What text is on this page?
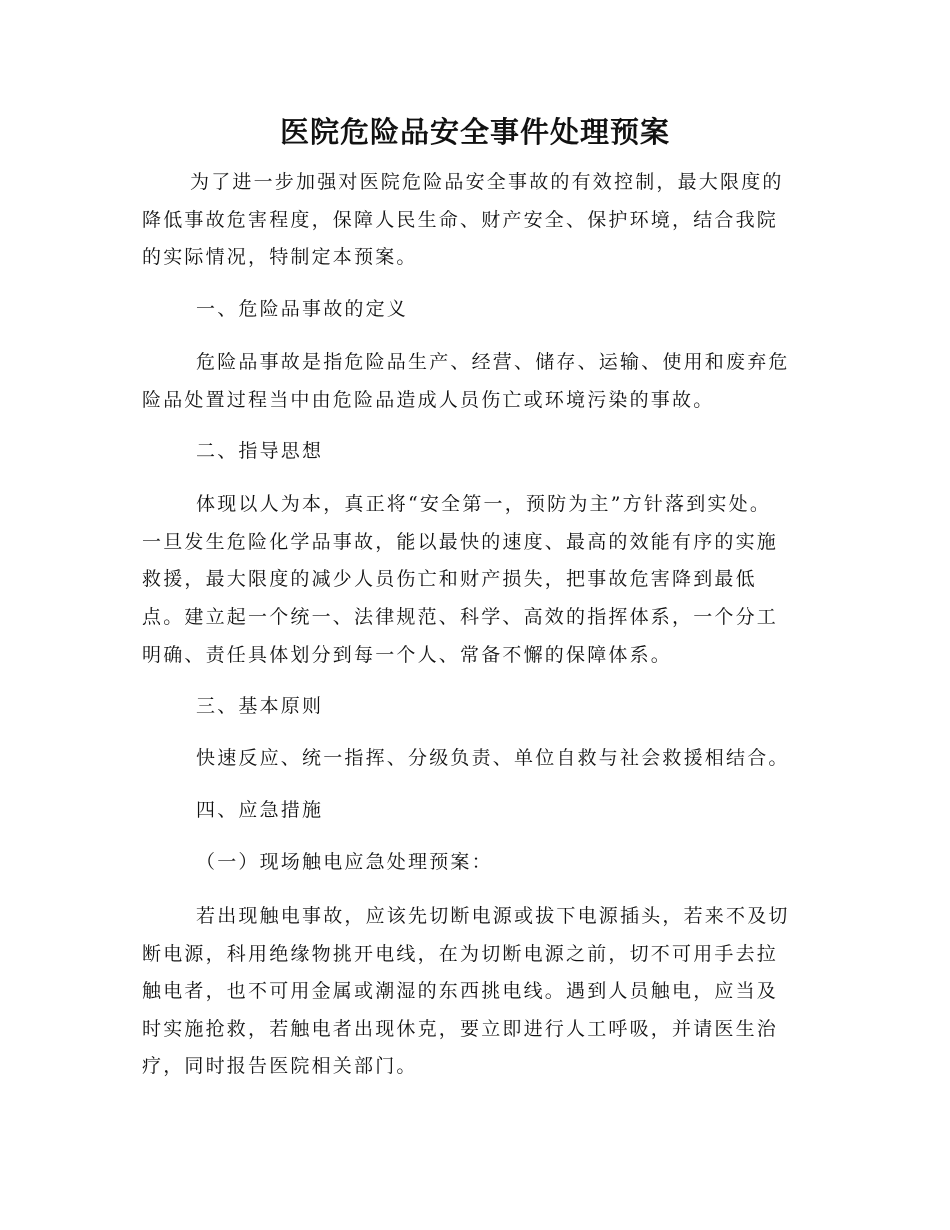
医院危险品安全事件处理预案
为了进一步加强对医院危险品安全事故的有效控制，最大限度的
降低事故危害程度，保障人民生命、财产安全、保护环境，结合我院
的实际情况，特制定本预案。
一、危险品事故的定义
危险品事故是指危险品生产、经营、储存、运输、使用和废弃危
险品处置过程当中由危险品造成人员伤亡或环境污染的事故。
二、指导思想
体现以人为本，真正将“安全第一，预防为主”方针落到实处。
一旦发生危险化学品事故，能以最快的速度、最高的效能有序的实施
救援，最大限度的减少人员伤亡和财产损失，把事故危害降到最低
点。建立起一个统一、法律规范、科学、高效的指挥体系，一个分工
明确、责任具体划分到每一个人、常备不懈的保障体系。
三、基本原则
快速反应、统一指挥、分级负责、单位自救与社会救援相结合。
四、应急措施
（一）现场触电应急处理预案：
若出现触电事故，应该先切断电源或拔下电源插头，若来不及切
断电源，科用绝缘物挑开电线，在为切断电源之前，切不可用手去拉
触电者，也不可用金属或潮湿的东西挑电线。遇到人员触电，应当及
时实施抢救，若触电者出现休克，要立即进行人工呼吸，并请医生治
疗，同时报告医院相关部门。
